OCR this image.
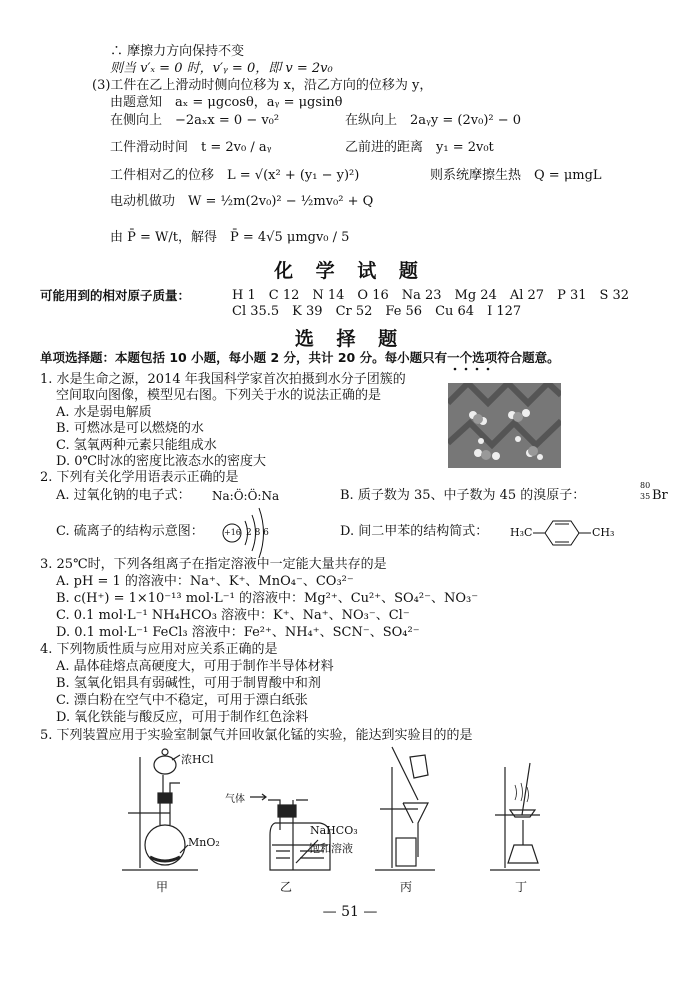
∴ 摩擦力方向保持不变
则当 v′ₓ = 0 时，v′ᵧ = 0，即 v = 2v₀
(3)工件在乙上滑动时侧向位移为 x，沿乙方向的位移为 y，
由题意知　aₓ = μgcosθ，aᵧ = μgsinθ
在侧向上　−2aₓx = 0 − v₀²	在纵向上　2aᵧy = (2v₀)² − 0
工件滑动时间　t = 2v₀ / aᵧ	乙前进的距离　y₁ = 2v₀t
工件相对乙的位移　L = √(x² + (y₁ − y)²)	则系统摩擦生热　Q = μmgL
电动机做功　W = ½m(2v₀)² − ½mv₀² + Q
由 P̄ = W/t，解得　P̄ = 4√5 μmgv₀ / 5
化 学 试 题
可能用到的相对原子质量：	H 1　C 12　N 14　O 16　Na 23　Mg 24　Al 27　P 31　S 32
Cl 35.5　K 39　Cr 52　Fe 56　Cu 64　I 127
选 择 题
单项选择题：本题包括 10 小题，每小题 2 分，共计 20 分。每小题只有一个选项符合题意。
1. 水是生命之源，2014 年我国科学家首次拍摄到水分子团簇的
空间取向图像，模型见右图。下列关于水的说法正确的是
A. 水是弱电解质
B. 可燃冰是可以燃烧的水
C. 氢氧两种元素只能组成水
D. 0℃时冰的密度比液态水的密度大
2. 下列有关化学用语表示正确的是
A. 过氧化钠的电子式： Na:Ö:Ö:Na	B. 质子数为 35、中子数为 45 的溴原子：
80
35 Br
C. 硫离子的结构示意图：	+16 2 8 6	D. 间二甲苯的结构简式： H₃C	CH₃
3. 25℃时，下列各组离子在指定溶液中一定能大量共存的是
A. pH = 1 的溶液中：Na⁺、K⁺、MnO₄⁻、CO₃²⁻
B. c(H⁺) = 1×10⁻¹³ mol·L⁻¹ 的溶液中：Mg²⁺、Cu²⁺、SO₄²⁻、NO₃⁻
C. 0.1 mol·L⁻¹ NH₄HCO₃ 溶液中：K⁺、Na⁺、NO₃⁻、Cl⁻
D. 0.1 mol·L⁻¹ FeCl₃ 溶液中：Fe²⁺、NH₄⁺、SCN⁻、SO₄²⁻
4. 下列物质性质与应用对应关系正确的是
A. 晶体硅熔点高硬度大，可用于制作半导体材料
B. 氢氧化铝具有弱碱性，可用于制胃酸中和剂
C. 漂白粉在空气中不稳定，可用于漂白纸张
D. 氧化铁能与酸反应，可用于制作红色涂料
5. 下列装置应用于实验室制氯气并回收氯化锰的实验，能达到实验目的的是
浓HCl
MnO₂
气体
NaHCO₃
饱和溶液
甲	乙	丙	丁
— 51 —
